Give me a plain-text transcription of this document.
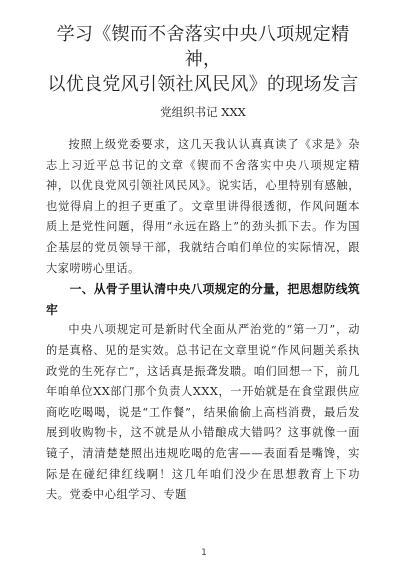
学习《锲而不舍落实中央八项规定精神，
以优良党风引领社风民风》的现场发言
党组织书记 XXX

按照上级党委要求，这几天我认认真真读了《求是》杂志上习近平总书记的文章《锲而不舍落实中央八项规定精神，以优良党风引领社风民风》。说实话，心里特别有感触，也觉得肩上的担子更重了。文章里讲得很透彻，作风问题本质上是党性问题，得用“永远在路上”的劲头抓下去。作为国企基层的党员领导干部，我就结合咱们单位的实际情况，跟大家唠唠心里话。

一、从骨子里认清中央八项规定的分量，把思想防线筑牢

中央八项规定可是新时代全面从严治党的“第一刀”，动的是真格、见的是实效。总书记在文章里说“作风问题关系执政党的生死存亡”，这话真是振聋发聩。咱们回想一下，前几年咱单位XX部门那个负责人XXX，一开始就是在食堂跟供应商吃吃喝喝，说是“工作餐”，结果偷偷上高档消费，最后发展到收购物卡，这不就是从小错酿成大错吗？这事就像一面镜子，清清楚楚照出违规吃喝的危害——表面看是嘴馋，实际是在碰纪律红线啊！这几年咱们没少在思想教育上下功夫。党委中心组学习、专题

1
